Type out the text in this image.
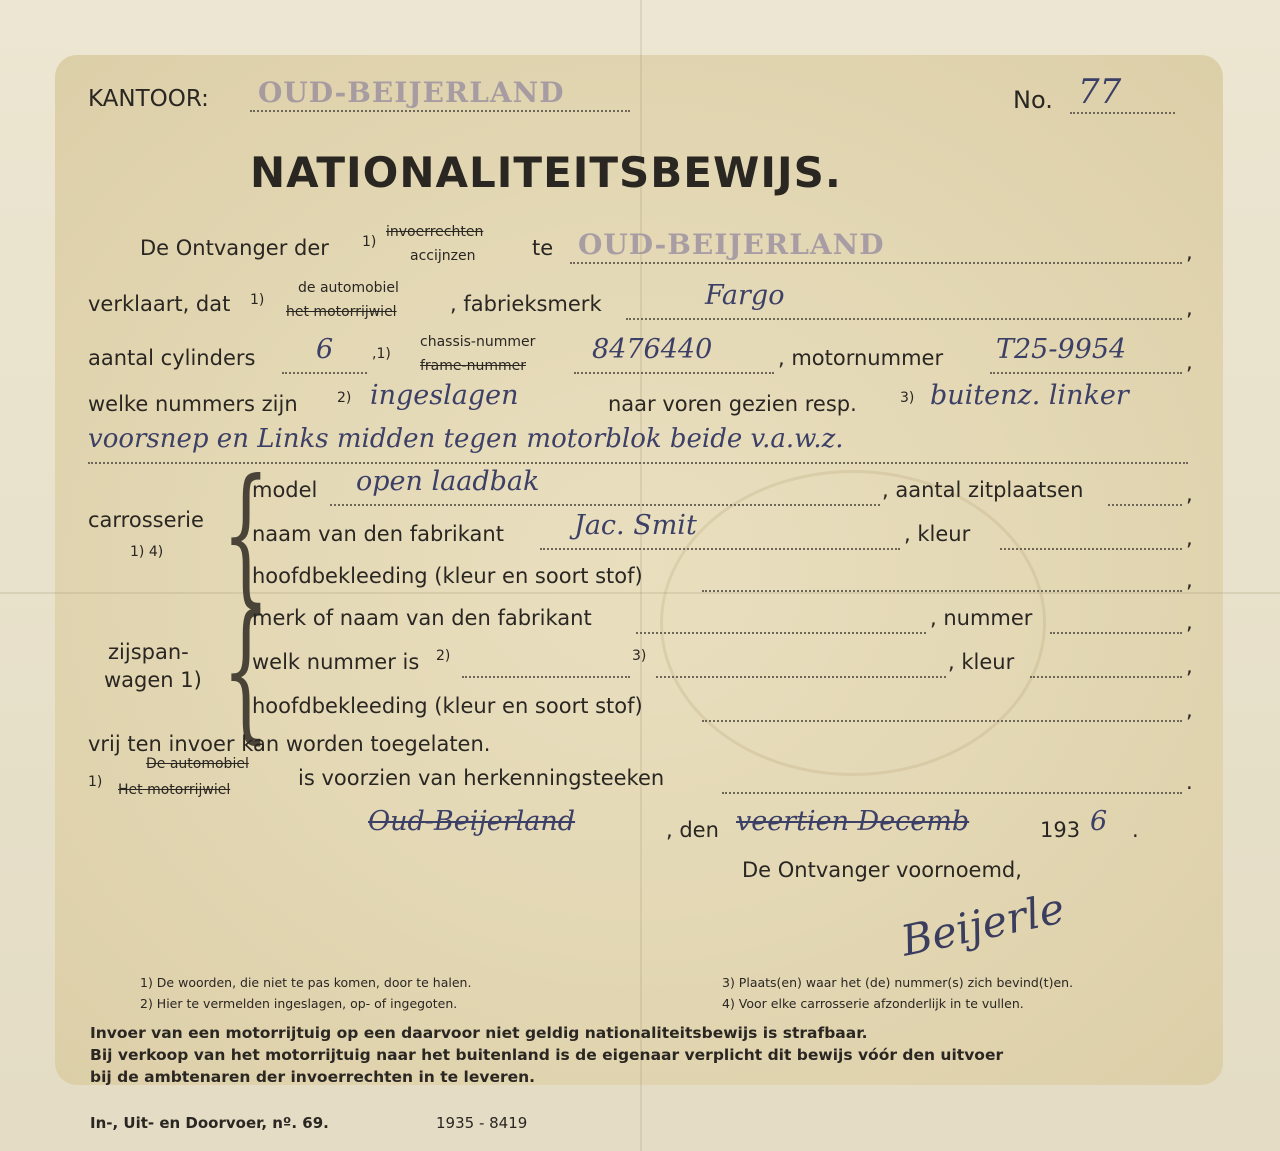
KANTOOR: OUD-BEIJERLAND	No. 77
NATIONALITEITSBEWIJS.
De Ontvanger der 1)
invoerrechten
accijnzen	te OUD-BEIJERLAND	,
verklaart, dat 1)
de automobiel
het motorrijwiel	, fabrieksmerk	Fargo	,
aantal cylinders 6	,1)
chassis-nummer
frame-nummer
8476440	, motornummer T25-9954	,
welke nummers zijn	2) ingeslagen	naar voren gezien resp.	3) buitenz. linker
voorsnep en Links midden tegen motorblok beide v.a.w.z.
carrosserie
1) 4) {
model open laadbak	, aantal zitplaatsen	,
naam van den fabrikant	Jac. Smit	, kleur	,
hoofdbekleeding (kleur en soort stof)	,
zijspan-
wagen 1) {
merk of naam van den fabrikant	, nummer	,
welk nummer is 2)	3)	, kleur	,
hoofdbekleeding (kleur en soort stof)	,
vrij ten invoer kan worden toegelaten.
1)
De automobiel
Het motorrijwiel	is voorzien van herkenningsteeken	.
Oud-Beijerland	, den veertien Decemb	193 6 .
De Ontvanger voornoemd,
Beijerle
1) De woorden, die niet te pas komen, door te halen.
2) Hier te vermelden ingeslagen, op- of ingegoten.
3) Plaats(en) waar het (de) nummer(s) zich bevind(t)en.
4) Voor elke carrosserie afzonderlijk in te vullen.
Invoer van een motorrijtuig op een daarvoor niet geldig nationaliteitsbewijs is strafbaar.
Bij verkoop van het motorrijtuig naar het buitenland is de eigenaar verplicht dit bewijs vóór den uitvoer
bij de ambtenaren der invoerrechten in te leveren.
In-, Uit- en Doorvoer, nº. 69.	1935 - 8419
